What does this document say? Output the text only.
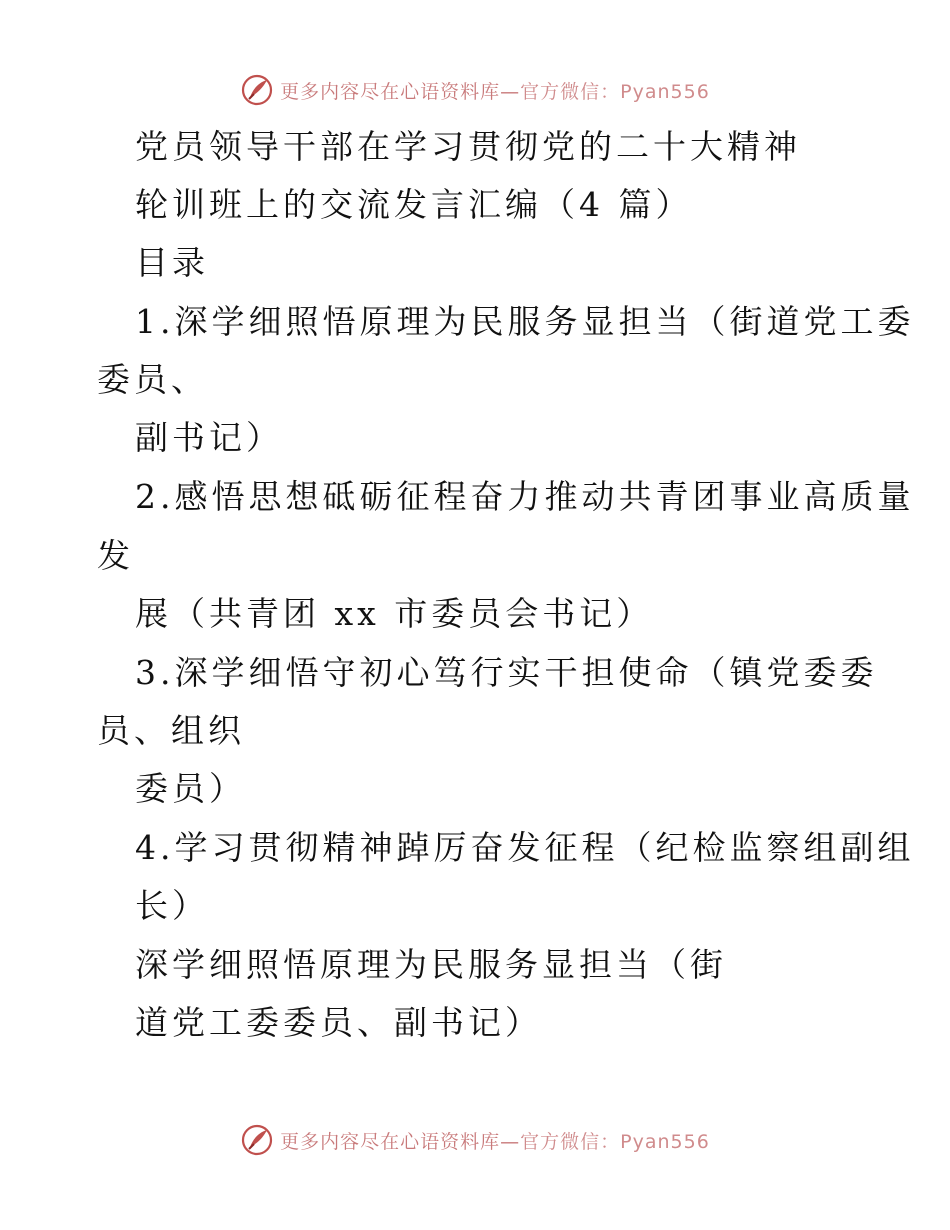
更多内容尽在心语资料库—官方微信：Pyan556
党员领导干部在学习贯彻党的二十大精神
轮训班上的交流发言汇编（4 篇）
目录
1.深学细照悟原理为民服务显担当（街道党工委
委员、
副书记）
2.感悟思想砥砺征程奋力推动共青团事业高质量
发
展（共青团 xx 市委员会书记）
3.深学细悟守初心笃行实干担使命（镇党委委
员、组织
委员）
4.学习贯彻精神踔厉奋发征程（纪检监察组副组
长）
深学细照悟原理为民服务显担当（街
道党工委委员、副书记）
更多内容尽在心语资料库—官方微信：Pyan556
